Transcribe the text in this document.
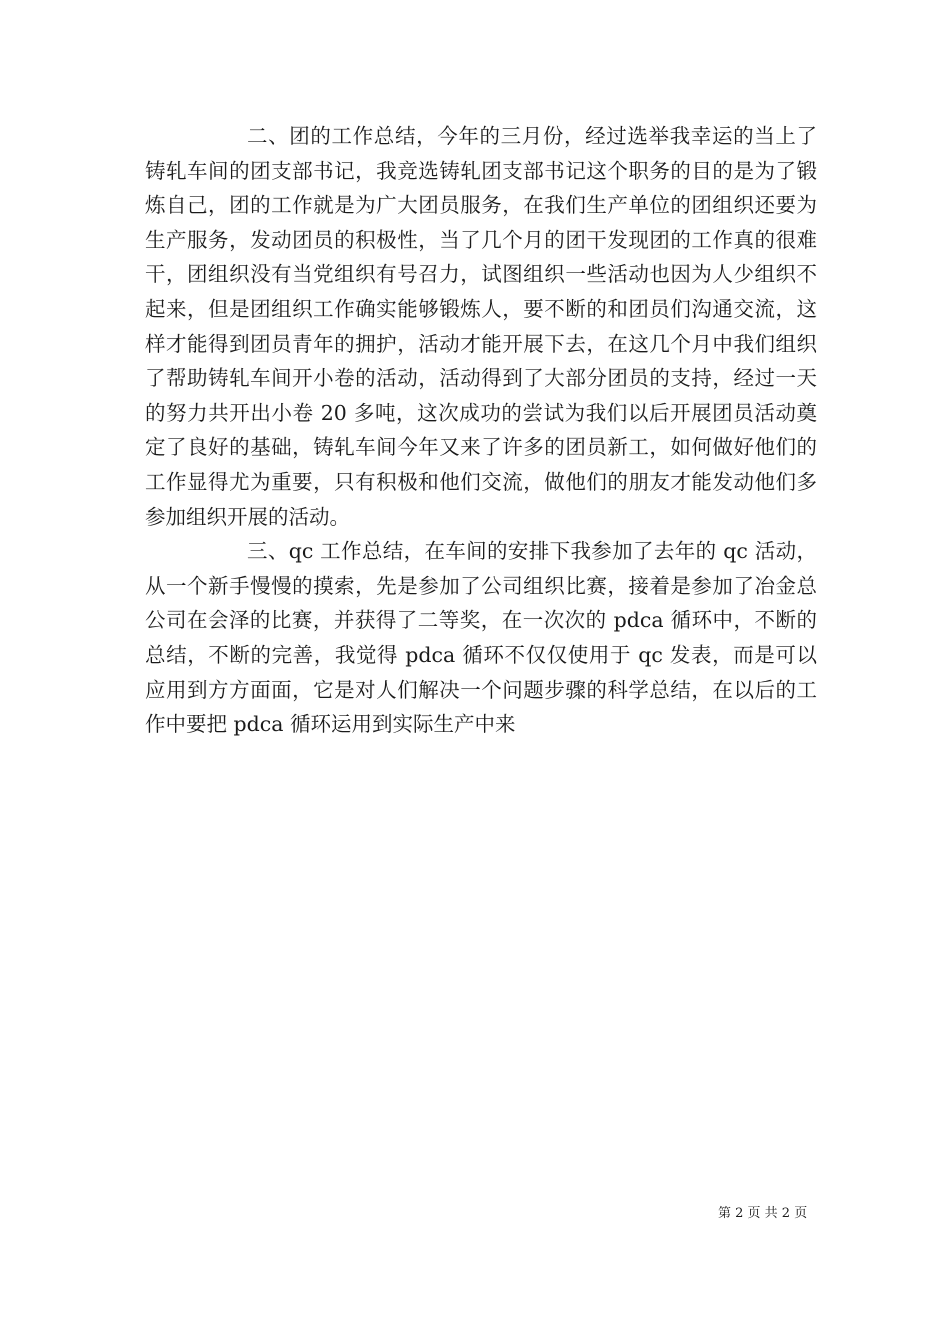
二、团的工作总结，今年的三月份，经过选举我幸运的当上了铸轧车间的团支部书记，我竞选铸轧团支部书记这个职务的目的是为了锻炼自己，团的工作就是为广大团员服务，在我们生产单位的团组织还要为生产服务，发动团员的积极性，当了几个月的团干发现团的工作真的很难干，团组织没有当党组织有号召力，试图组织一些活动也因为人少组织不起来，但是团组织工作确实能够锻炼人，要不断的和团员们沟通交流，这样才能得到团员青年的拥护，活动才能开展下去，在这几个月中我们组织了帮助铸轧车间开小卷的活动，活动得到了大部分团员的支持，经过一天的努力共开出小卷 20 多吨，这次成功的尝试为我们以后开展团员活动奠定了良好的基础，铸轧车间今年又来了许多的团员新工，如何做好他们的工作显得尤为重要，只有积极和他们交流，做他们的朋友才能发动他们多参加组织开展的活动。

三、qc 工作总结，在车间的安排下我参加了去年的 qc 活动，从一个新手慢慢的摸索，先是参加了公司组织比赛，接着是参加了冶金总公司在会泽的比赛，并获得了二等奖，在一次次的 pdca 循环中，不断的总结，不断的完善，我觉得 pdca 循环不仅仅使用于 qc 发表，而是可以应用到方方面面，它是对人们解决一个问题步骤的科学总结，在以后的工作中要把 pdca 循环运用到实际生产中来

第 2 页 共 2 页
